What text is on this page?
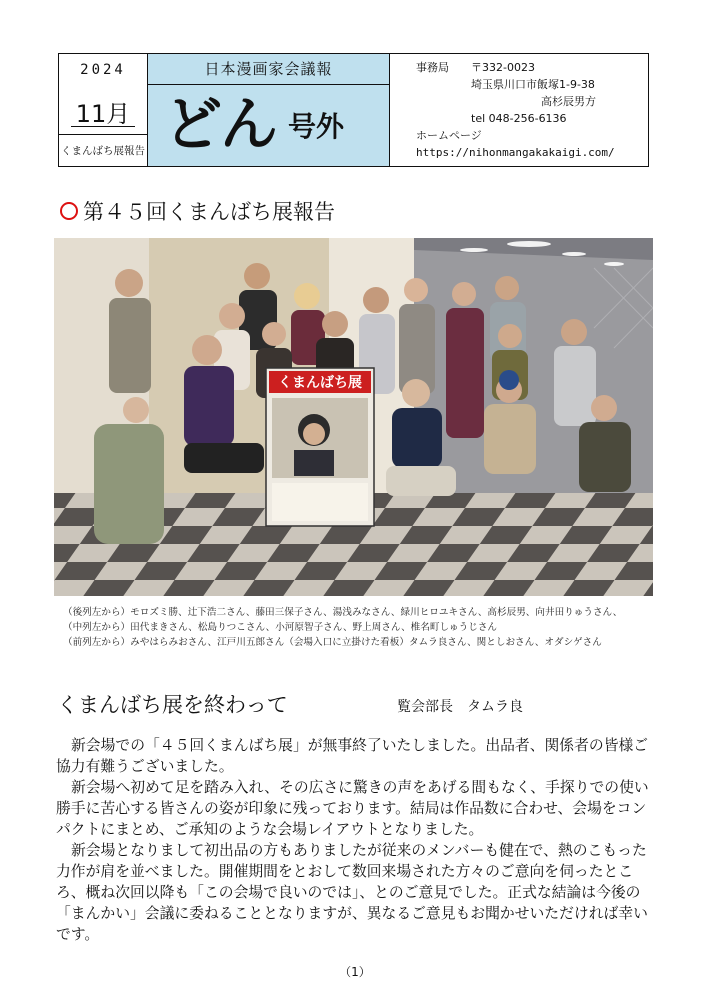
2024
11月
くまんばち展報告
日本漫画家会議報
どん 号外
事務局 〒332-0023
埼玉県川口市飯塚1-9-38
高杉辰男方
tel 048-256-6136
ホームページ
https://nihonmangakakaigi.com/
第４５回くまんばち展報告
くまんばち展
（後列左から）モロズミ勝、辻下浩二さん、藤田三保子さん、湯浅みなさん、緑川ヒロユキさん、高杉辰男、向井田りゅうさん、
（中列左から）田代まきさん、松島りつこさん、小河原智子さん、野上周さん、椎名町しゅうじさん
（前列左から）みやはらみおさん、江戸川五郎さん（会場入口に立掛けた看板）タムラ良さん、関としおさん、オダシゲさん
くまんばち展を終わって	覧会部長　タムラ良

新会場での「４５回くまんばち展」が無事終了いたしました。出品者、関係者の皆様ご協力有難うございました。

新会場へ初めて足を踏み入れ、その広さに驚きの声をあげる間もなく、手探りでの使い勝手に苦心する皆さんの姿が印象に残っております。結局は作品数に合わせ、会場をコンパクトにまとめ、ご承知のような会場レイアウトとなりました。

新会場となりまして初出品の方もありましたが従来のメンバーも健在で、熱のこもった力作が肩を並べました。開催期間をとおして数回来場された方々のご意向を伺ったところ、概ね次回以降も「この会場で良いのでは」、とのご意見でした。正式な結論は今後の「まんかい」会議に委ねることとなりますが、異なるご意見もお聞かせいただければ幸いです。

（1）
